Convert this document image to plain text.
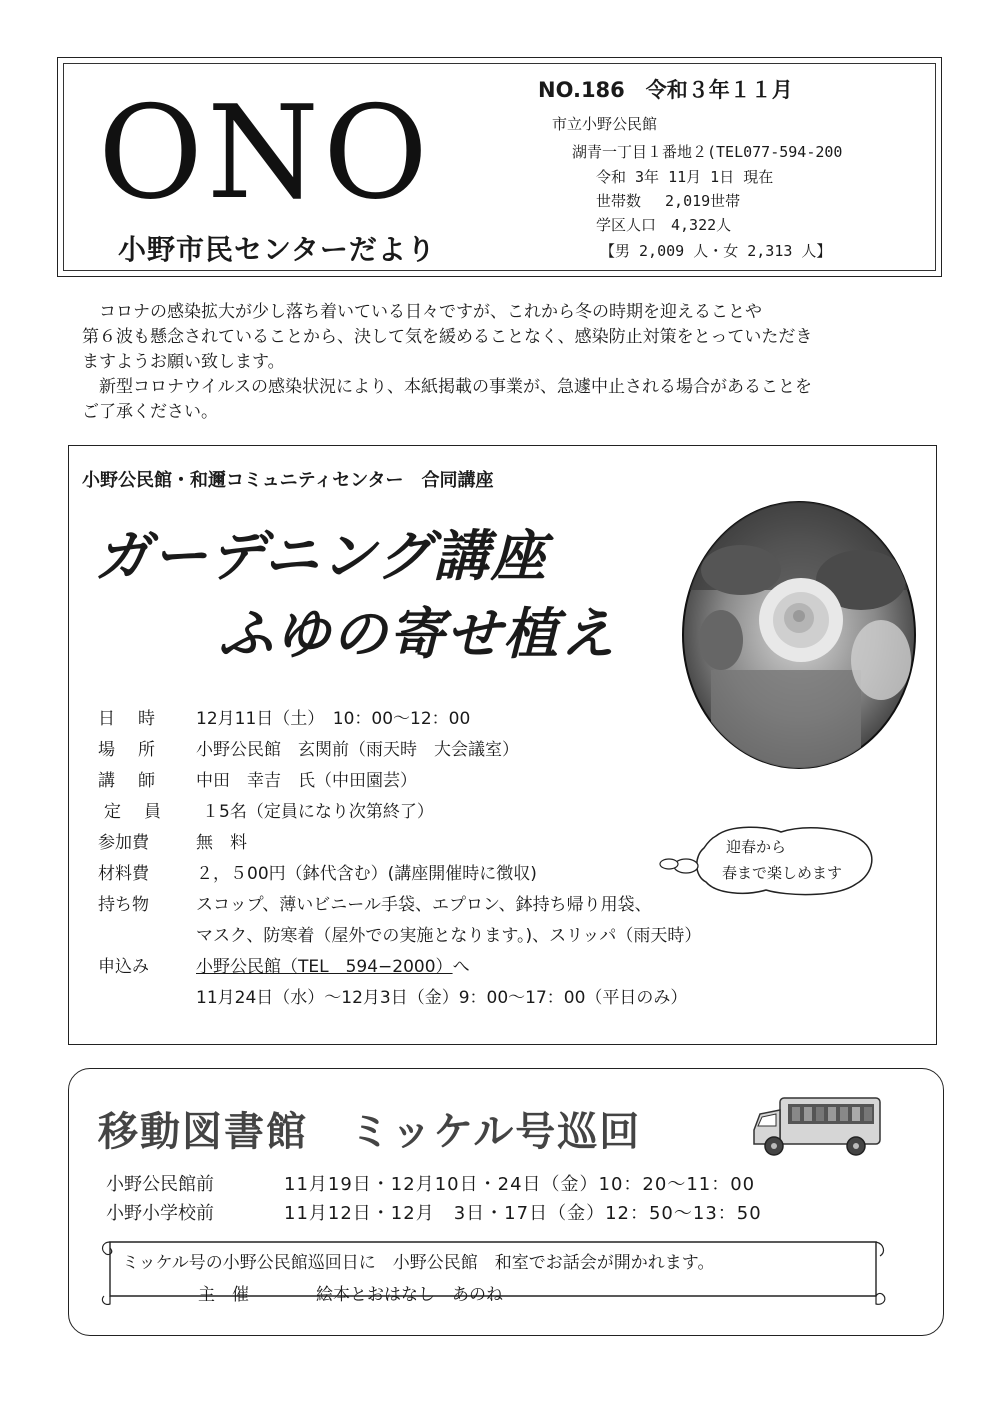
ONO
小野市民センターだより
NO.186　令和３年１１月
市立小野公民館
湖青一丁目１番地２(TEL077-594-200
令和 3年 11月 1日 現在
世帯数　 2,019世帯
学区人口　4,322人
【男 2,009 人・女 2,313 人】

　コロナの感染拡大が少し落ち着いている日々ですが、これから冬の時期を迎えることや

第６波も懸念されていることから、決して気を緩めることなく、感染防止対策をとっていただき

ますようお願い致します。

　新型コロナウイルスの感染状況により、本紙掲載の事業が、急遽中止される場合があることを

ご了承ください。

小野公民館・和邇コミュニティセンター　合同講座
ガーデニング講座
ふゆの寄せ植え
日　時	12月11日（土）　10：00～12：00
場　所	小野公民館　玄関前（雨天時　大会議室）
講　師	中田　幸吉　氏（中田園芸）
定　員	１5名（定員になり次第終了）
参加費	無　料
材料費	２，５00円（鉢代含む）(講座開催時に徴収)
持ち物	スコップ、薄いビニール手袋、エプロン、鉢持ち帰り用袋、
マスク、防寒着（屋外での実施となります。)、スリッパ（雨天時）
申込み	小野公民館（TEL　594−2000）へ
11月24日（水）～12月3日（金）9：00～17：00（平日のみ）
迎春から
春まで楽しめます
移動図書館　ミッケル号巡回
小野公民館前	11月19日・12月10日・24日（金）10：20～11：00
小野小学校前	11月12日・12月　3日・17日（金）12：50～13：50
ミッケル号の小野公民館巡回日に　小野公民館　和室でお話会が開かれます。
主　催	絵本とおはなし　あのね
